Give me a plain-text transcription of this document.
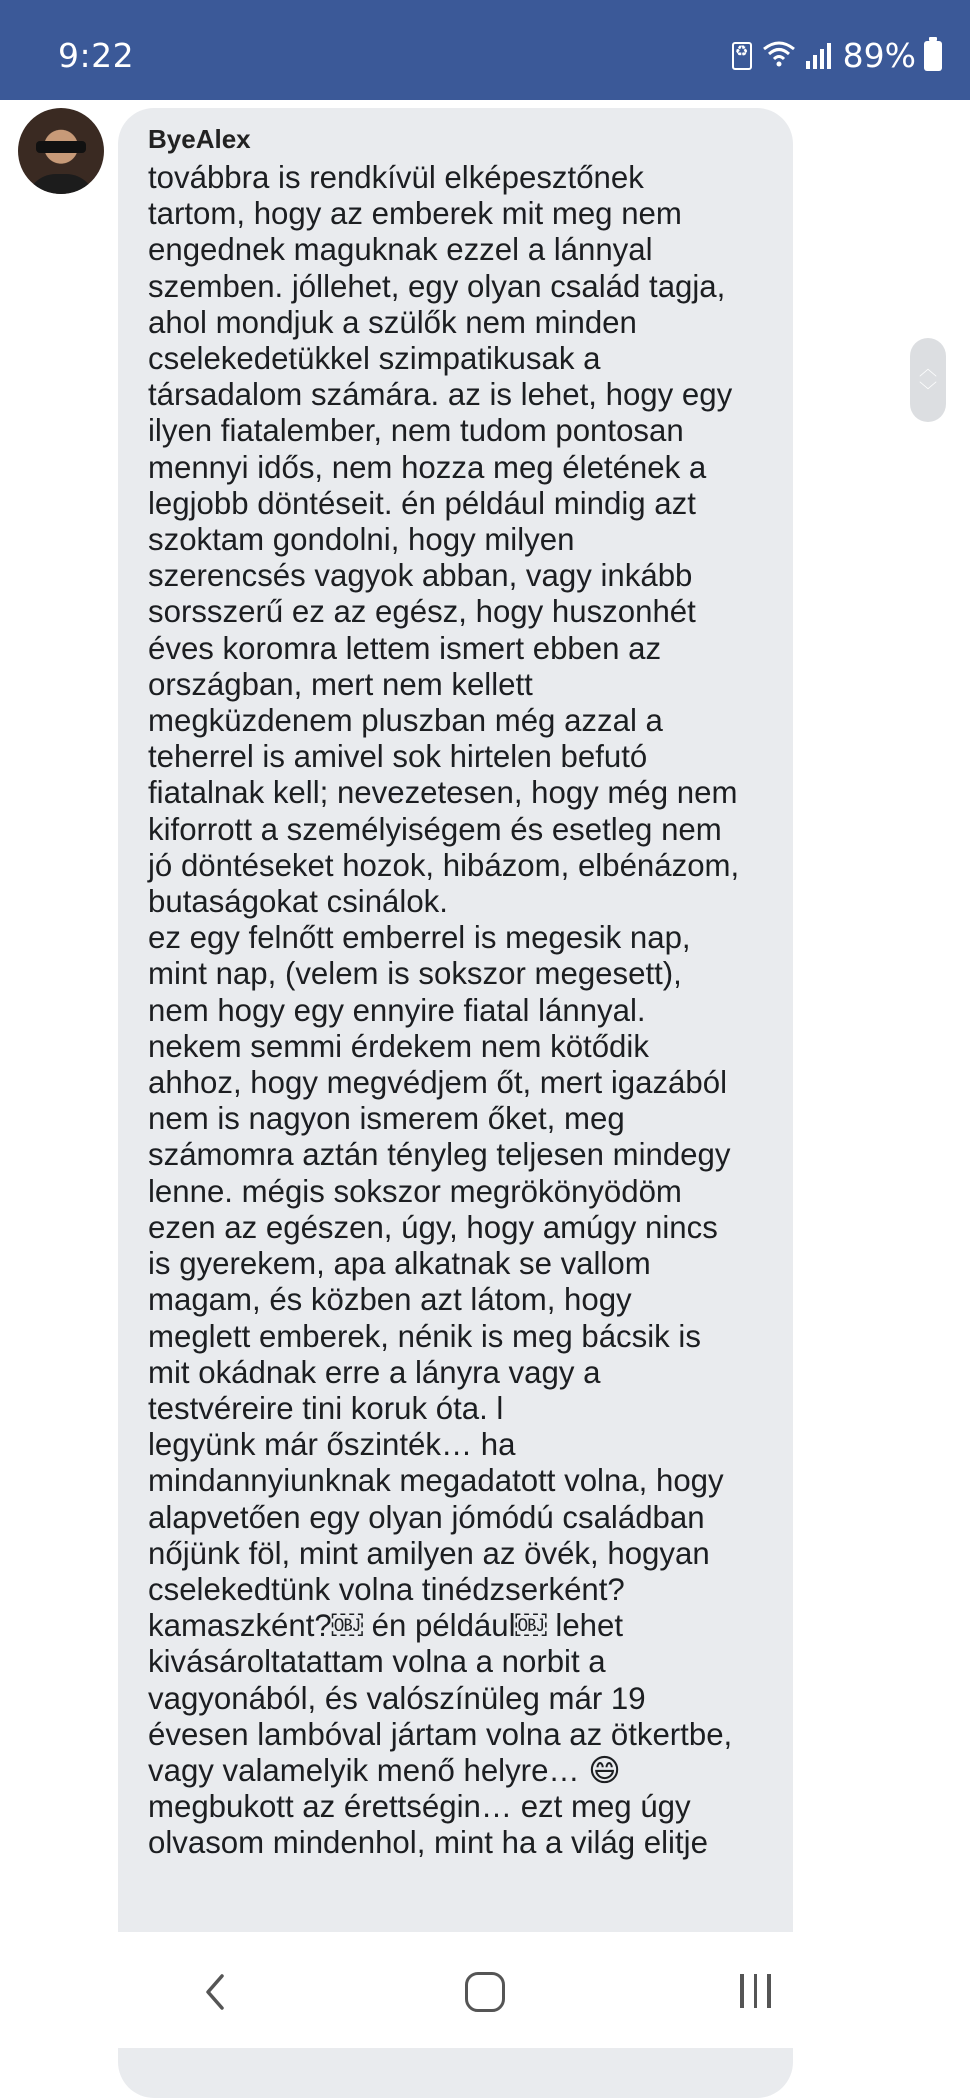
9:22
♻	89%
ByeAlex
továbbra is rendkívül elképesztőnek
tartom, hogy az emberek mit meg nem
engednek maguknak ezzel a lánnyal
szemben. jóllehet, egy olyan család tagja,
ahol mondjuk a szülők nem minden
cselekedetükkel szimpatikusak a
társadalom számára. az is lehet, hogy egy
ilyen fiatalember, nem tudom pontosan
mennyi idős, nem hozza meg életének a
legjobb döntéseit. én például mindig azt
szoktam gondolni, hogy milyen
szerencsés vagyok abban, vagy inkább
sorsszerű ez az egész, hogy huszonhét
éves koromra lettem ismert ebben az
országban, mert nem kellett
megküzdenem pluszban még azzal a
teherrel is amivel sok hirtelen befutó
fiatalnak kell; nevezetesen, hogy még nem
kiforrott a személyiségem és esetleg nem
jó döntéseket hozok, hibázom, elbénázom,
butaságokat csinálok.
ez egy felnőtt emberrel is megesik nap,
mint nap, (velem is sokszor megesett),
nem hogy egy ennyire fiatal lánnyal.
nekem semmi érdekem nem kötődik
ahhoz, hogy megvédjem őt, mert igazából
nem is nagyon ismerem őket, meg
számomra aztán tényleg teljesen mindegy
lenne. mégis sokszor megrökönyödöm
ezen az egészen, úgy, hogy amúgy nincs
is gyerekem, apa alkatnak se vallom
magam, és közben azt látom, hogy
meglett emberek, nénik is meg bácsik is
mit okádnak erre a lányra vagy a
testvéreire tini koruk óta. l
legyünk már őszinték… ha
mindannyiunknak megadatott volna, hogy
alapvetően egy olyan jómódú családban
nőjünk föl, mint amilyen az övék, hogyan
cselekedtünk volna tinédzserként?
kamaszként?￼ én például￼ lehet
kivásároltatattam volna a norbit a
vagyonából, és valószínüleg már 19
évesen lambóval jártam volna az ötkertbe,
vagy valamelyik menő helyre… 😄
megbukott az érettségin… ezt meg úgy
olvasom mindenhol, mint ha a világ elitje
︿
﹀
